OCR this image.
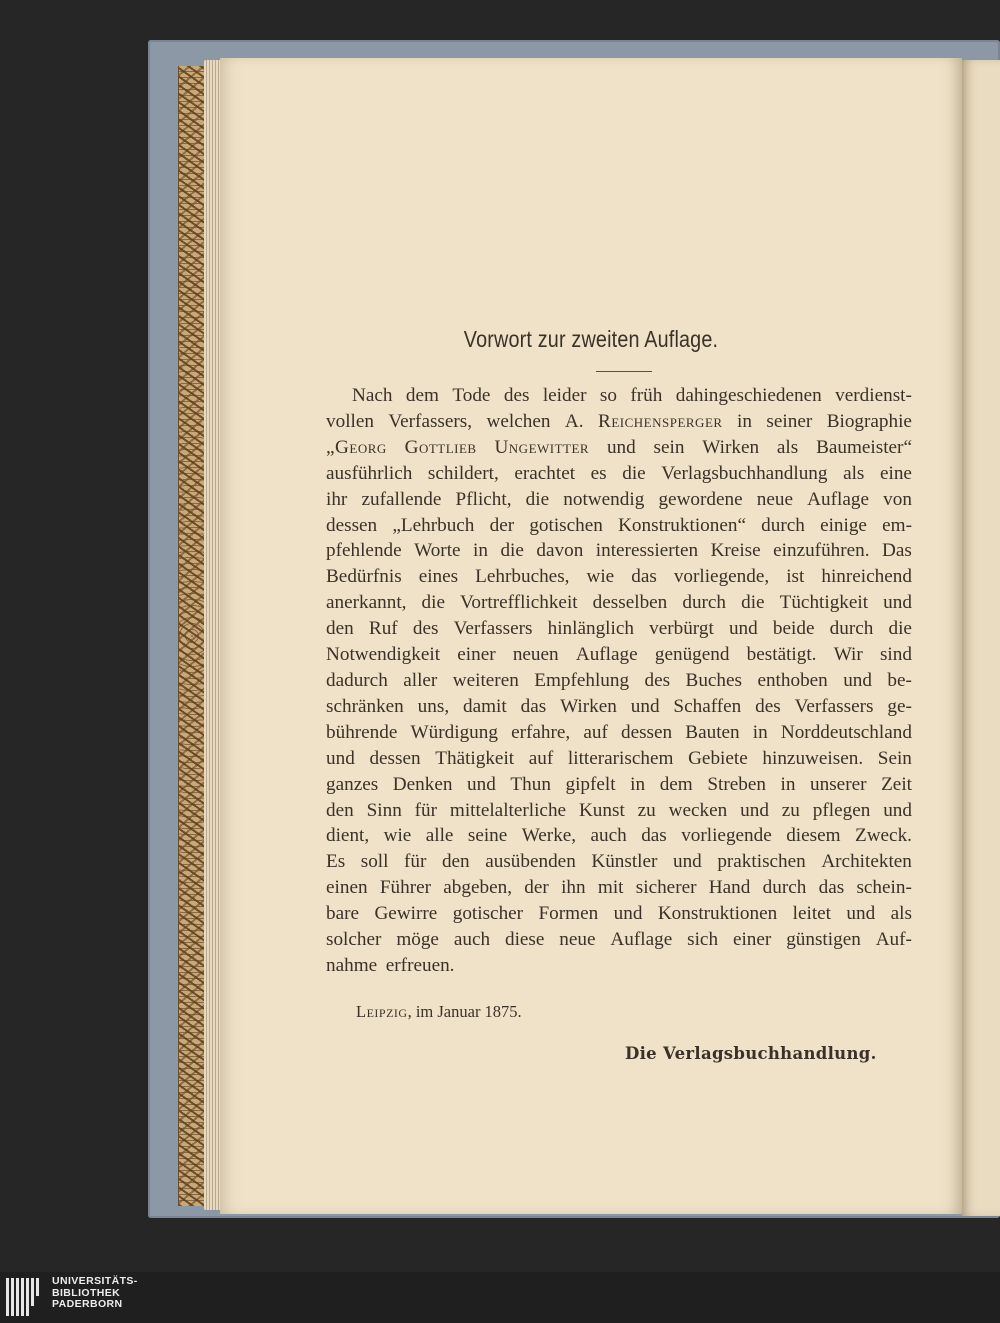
Vorwort zur zweiten Auflage.
Nach dem Tode des leider so früh dahingeschiedenen verdienst-
vollen Verfassers, welchen A. Reichensperger in seiner Biographie
„Georg Gottlieb Ungewitter und sein Wirken als Baumeister“
ausführlich schildert, erachtet es die Verlagsbuchhandlung als eine
ihr zufallende Pflicht, die notwendig gewordene neue Auflage von
dessen „Lehrbuch der gotischen Konstruktionen“ durch einige em-
pfehlende Worte in die davon interessierten Kreise einzuführen. Das
Bedürfnis eines Lehrbuches, wie das vorliegende, ist hinreichend
anerkannt, die Vortrefflichkeit desselben durch die Tüchtigkeit und
den Ruf des Verfassers hinlänglich verbürgt und beide durch die
Notwendigkeit einer neuen Auflage genügend bestätigt. Wir sind
dadurch aller weiteren Empfehlung des Buches enthoben und be-
schränken uns, damit das Wirken und Schaffen des Verfassers ge-
bührende Würdigung erfahre, auf dessen Bauten in Norddeutschland
und dessen Thätigkeit auf litterarischem Gebiete hinzuweisen. Sein
ganzes Denken und Thun gipfelt in dem Streben in unserer Zeit
den Sinn für mittelalterliche Kunst zu wecken und zu pflegen und
dient, wie alle seine Werke, auch das vorliegende diesem Zweck.
Es soll für den ausübenden Künstler und praktischen Architekten
einen Führer abgeben, der ihn mit sicherer Hand durch das schein-
bare Gewirre gotischer Formen und Konstruktionen leitet und als
solcher möge auch diese neue Auflage sich einer günstigen Auf-
nahme erfreuen.
Leipzig, im Januar 1875.
Die Verlagsbuchhandlung.
UNIVERSITÄTS-
BIBLIOTHEK
PADERBORN
